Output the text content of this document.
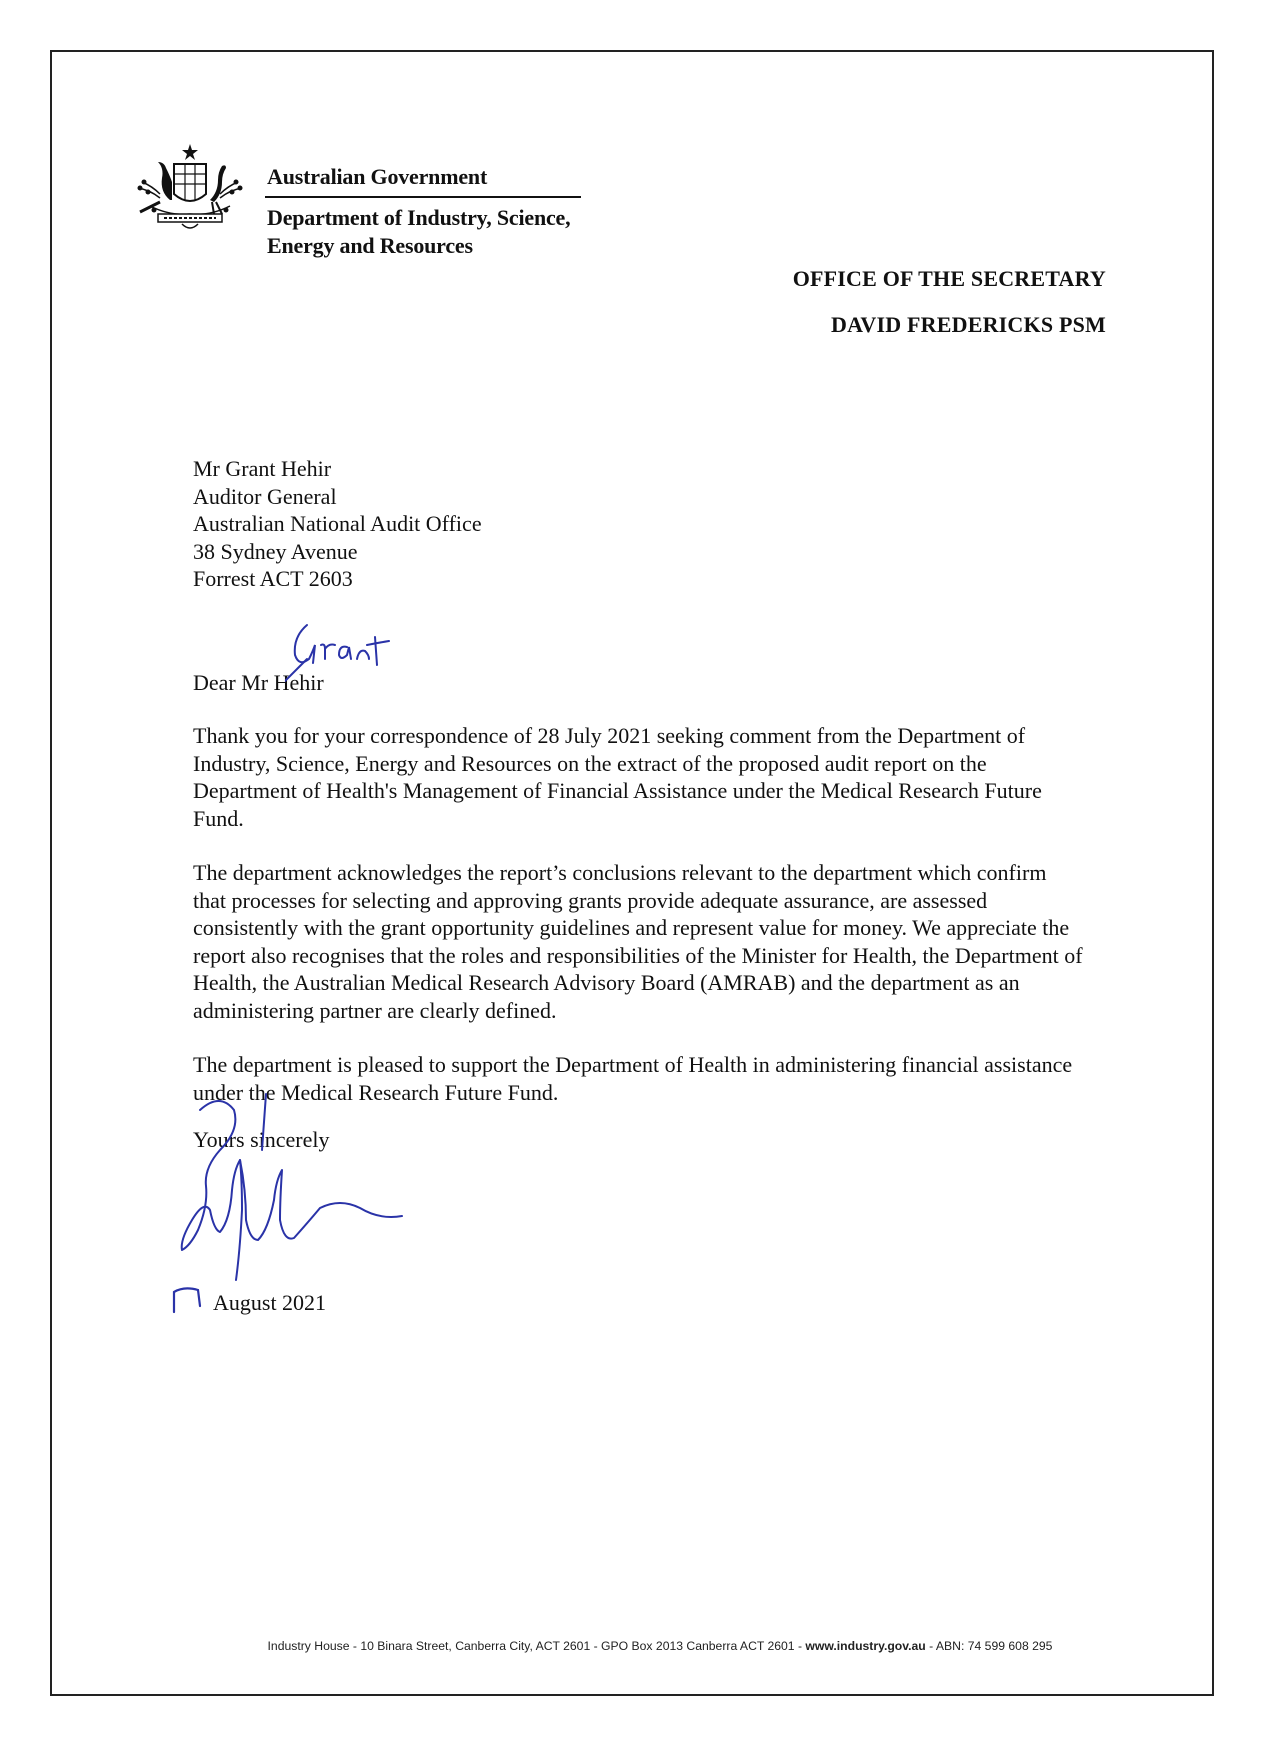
Australian Government
Department of Industry, Science, Energy and Resources
OFFICE OF THE SECRETARY
DAVID FREDERICKS PSM
Mr Grant Hehir
Auditor General
Australian National Audit Office
38 Sydney Avenue
Forrest ACT 2603
Dear Mr Hehir

Thank you for your correspondence of 28 July 2021 seeking comment from the Department of Industry, Science, Energy and Resources on the extract of the proposed audit report on the Department of Health's Management of Financial Assistance under the Medical Research Future Fund.

The department acknowledges the report’s conclusions relevant to the department which confirm that processes for selecting and approving grants provide adequate assurance, are assessed consistently with the grant opportunity guidelines and represent value for money. We appreciate the report also recognises that the roles and responsibilities of the Minister for Health, the Department of Health, the Australian Medical Research Advisory Board (AMRAB) and the department as an administering partner are clearly defined.

The department is pleased to support the Department of Health in administering financial assistance under the Medical Research Future Fund.

Yours sincerely
August 2021
Industry House - 10 Binara Street, Canberra City, ACT 2601 - GPO Box 2013 Canberra ACT 2601 - www.industry.gov.au - ABN: 74 599 608 295
